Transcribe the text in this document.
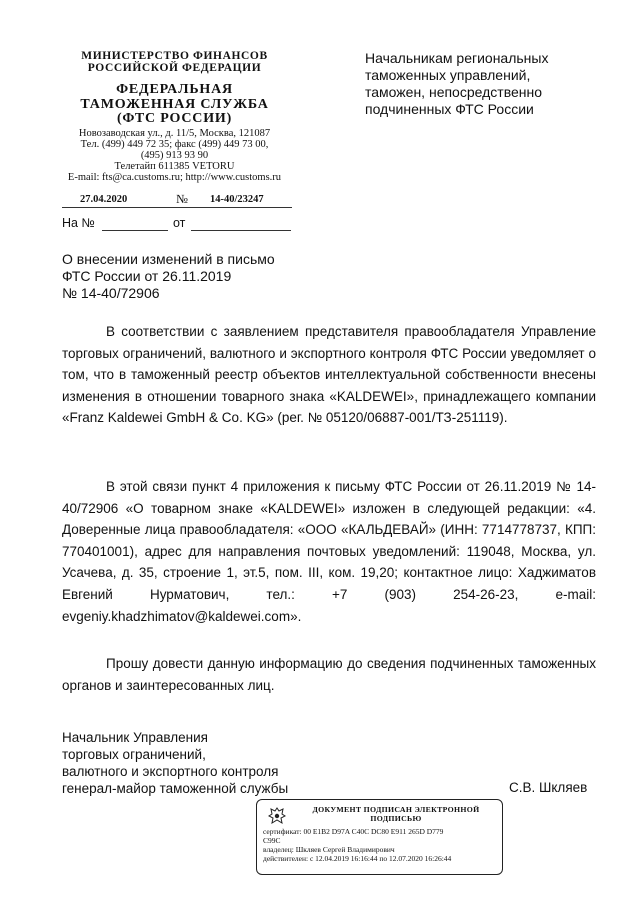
МИНИСТЕРСТВО ФИНАНСОВ
РОССИЙСКОЙ ФЕДЕРАЦИИ
ФЕДЕРАЛЬНАЯ
ТАМОЖЕННАЯ СЛУЖБА
(ФТС РОССИИ)
Новозаводская ул., д. 11/5, Москва, 121087
Тел. (499) 449 72 35; факс (499) 449 73 00,
(495) 913 93 90
Телетайп 611385 VETORU
E-mail: fts@ca.customs.ru; http://www.customs.ru
27.04.2020	№ 14-40/23247
На №	от
Начальникам региональных
таможенных управлений,
таможен, непосредственно
подчиненных ФТС России
О внесении изменений в письмо
ФТС России от 26.11.2019
№ 14-40/72906

В соответствии с заявлением представителя правообладателя Управление торговых ограничений, валютного и экспортного контроля ФТС России уведомляет о том, что в таможенный реестр объектов интеллектуальной собственности внесены изменения в отношении товарного знака «KALDEWEI», принадлежащего компании «Franz Kaldewei GmbH & Co. KG» (рег. № 05120/06887-001/ТЗ-251119).

В этой связи пункт 4 приложения к письму ФТС России от 26.11.2019 № 14-40/72906 «О товарном знаке «KALDEWEI» изложен в следующей редакции: «4. Доверенные лица правообладателя: «ООО «КАЛЬДЕВАЙ» (ИНН: 7714778737, КПП: 770401001), адрес для направления почтовых уведомлений: 119048, Москва, ул. Усачева, д. 35, строение 1, эт.5, пом. III, ком. 19,20; контактное лицо: Хаджиматов Евгений Нурматович, тел.: +7 (903) 254-26-23, e-mail: evgeniy.khadzhimatov@kaldewei.com».

Прошу довести данную информацию до сведения подчиненных таможенных органов и заинтересованных лиц.

Начальник Управления
торговых ограничений,
валютного и экспортного контроля
генерал-майор таможенной службы	С.В. Шкляев
ДОКУМЕНТ ПОДПИСАН ЭЛЕКТРОННОЙ
ПОДПИСЬЮ
сертификат: 00 E1B2 D97A C40C DC80 E911 265D D779
C99C
владелец: Шкляев Сергей Владимирович
действителен: с 12.04.2019 16:16:44 по 12.07.2020 16:26:44
